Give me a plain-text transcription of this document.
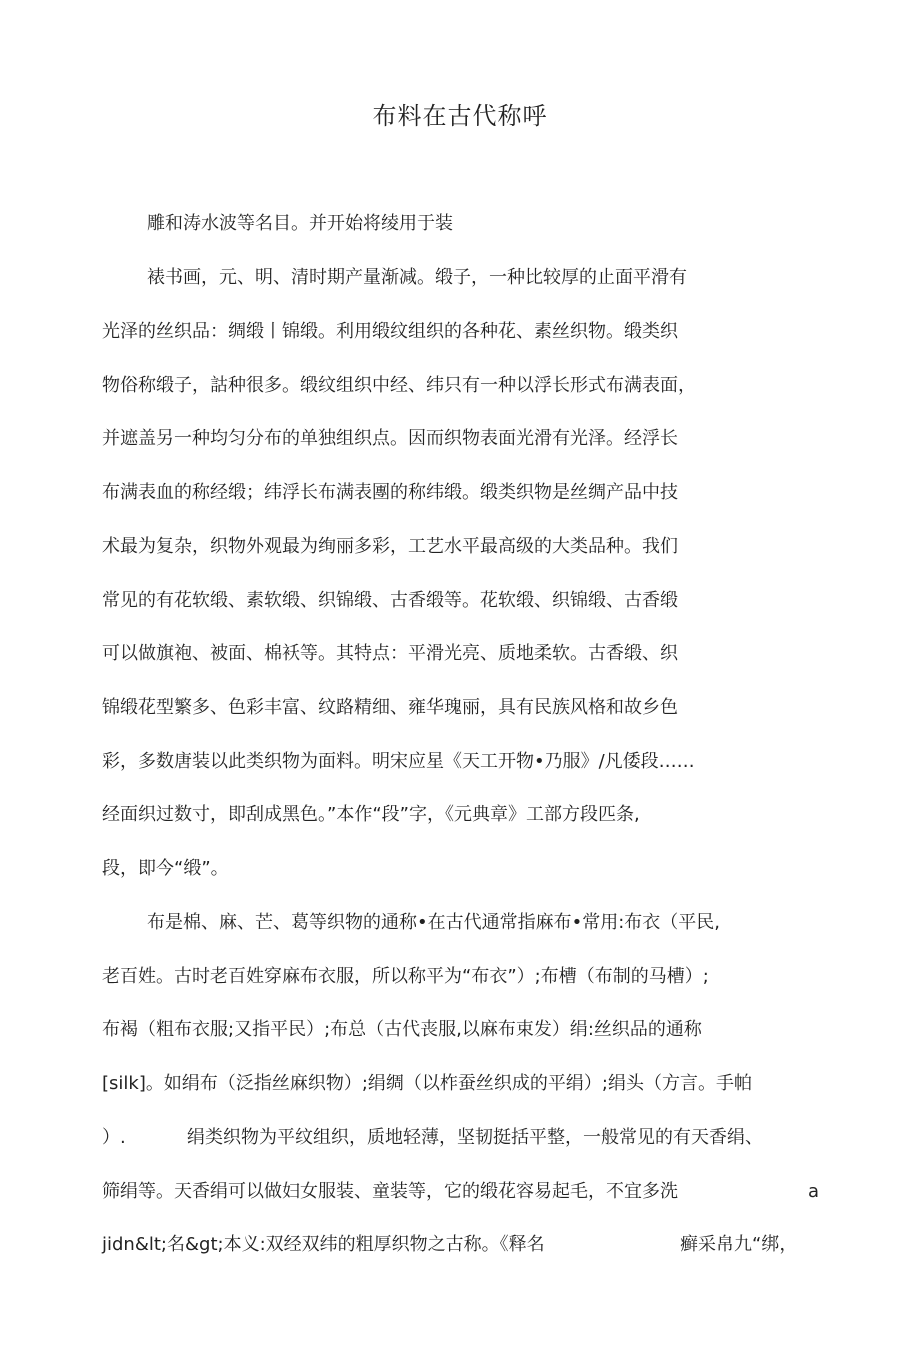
布料在古代称呼
雕和涛水波等名目。并开始将绫用于装
裱书画，元、明、清时期产量渐减。缎子，一种比较厚的止面平滑有
光泽的丝织品：绸缎丨锦缎。利用缎纹组织的各种花、素丝织物。缎类织
物俗称缎子，詁种很多。缎纹组织中经、纬只有一种以浮长形式布满表面，
并遮盖另一种均匀分布的单独组织点。因而织物表面光滑有光泽。经浮长
布满表血的称经缎；纬浮长布满表團的称纬缎。缎类织物是丝绸产品中技
术最为复杂，织物外观最为绚丽多彩，工艺水平最高级的大类品种。我们
常见的有花软缎、素软缎、织锦缎、古香缎等。花软缎、织锦缎、古香缎
可以做旗袍、被面、棉袄等。其特点：平滑光亮、质地柔软。古香缎、织
锦缎花型繁多、色彩丰富、纹路精细、雍华瑰丽，具有民族风格和故乡色
彩，多数唐装以此类织物为面料。明宋应星《天工开物•乃服》/凡倭段……
经面织过数寸，即刮成黑色。”本作“段”字，《元典章》工部方段匹条,
段，即今“缎”。
布是棉、麻、芒、葛等织物的通称•在古代通常指麻布•常用:布衣（平民,
老百姓。古时老百姓穿麻布衣服，所以称平为“布衣”）;布槽（布制的马槽）;
布褐（粗布衣服;又指平民）;布总（古代丧服,以麻布束发）绢:丝织品的通称
[silk]。如绢布（泛指丝麻织物）;绢绸（以柞蚕丝织成的平绢）;绢头（方言。手帕
）.	绢类织物为平纹组织，质地轻薄，坚韧挺括平整，一般常见的有天香绢、
筛绢等。天香绢可以做妇女服装、童装等，它的缎花容易起毛，不宜多洗	a
jidn&lt;名&gt;本义:双经双纬的粗厚织物之古称。《释名	癣采帛九“绑，
